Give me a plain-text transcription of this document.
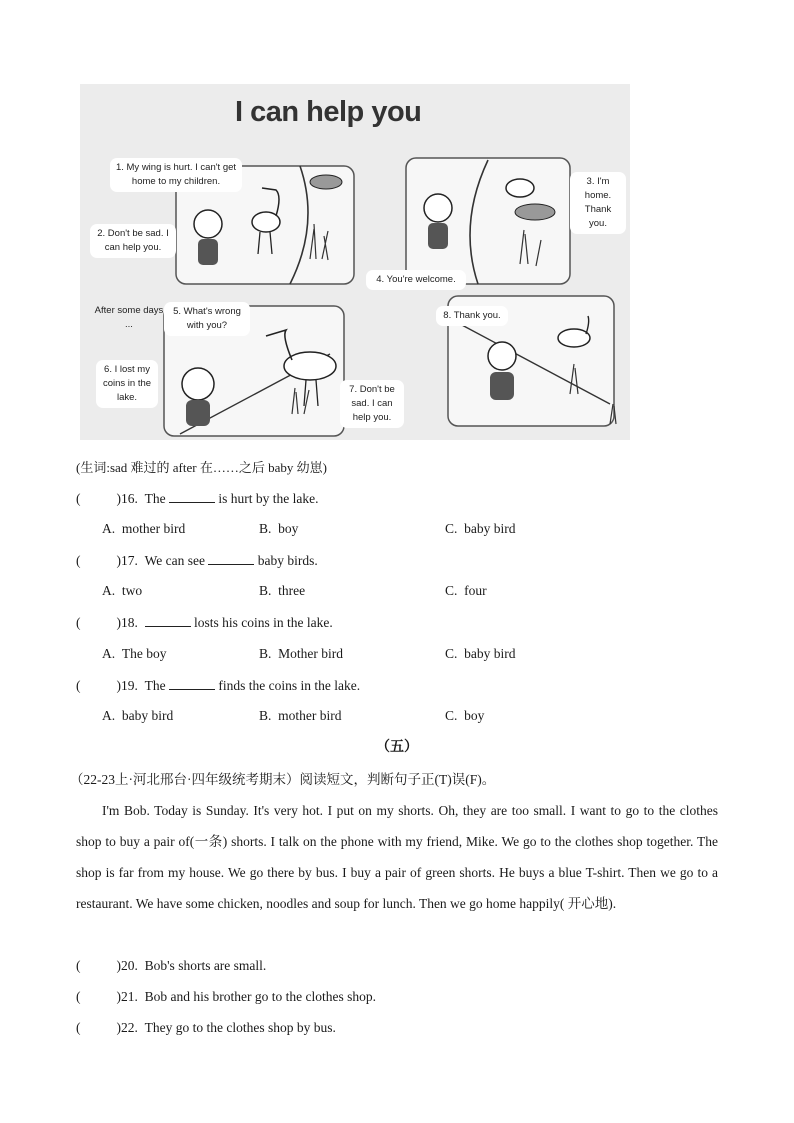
I can help you
1. My wing is hurt. I can't get home to my children.
2. Don't be sad. I can help you.
3. I'm home. Thank you.
4. You're welcome.
After some days ...
5. What's wrong with you?
6. I lost my coins in the lake.
7. Don't be sad. I can help you.
8. Thank you.
(生词:sad 难过的 after 在……之后 baby 幼崽)
(	)16. The	is hurt by the lake.
A. mother bird	B. boy	C. baby bird
(	)17. We can see	baby birds.
A. two	B. three	C. four
(	)18.	losts his coins in the lake.
A. The boy	B. Mother bird	C. baby bird
(	)19. The	finds the coins in the lake.
A. baby bird	B. mother bird	C. boy
（五）
（22-23上·河北邢台·四年级统考期末）阅读短文，判断句子正(T)误(F)。

I'm Bob. Today is Sunday. It's very hot. I put on my shorts. Oh, they are too small. I want to go to the clothes shop to buy a pair of(一条) shorts. I talk on the phone with my friend, Mike. We go to the clothes shop together. The shop is far from my house. We go there by bus. I buy a pair of green shorts. He buys a blue T-shirt. Then we go to a restaurant. We have some chicken, noodles and soup for lunch. Then we go home happily( 开心地).

(	)20. Bob's shorts are small.
(	)21. Bob and his brother go to the clothes shop.
(	)22. They go to the clothes shop by bus.
